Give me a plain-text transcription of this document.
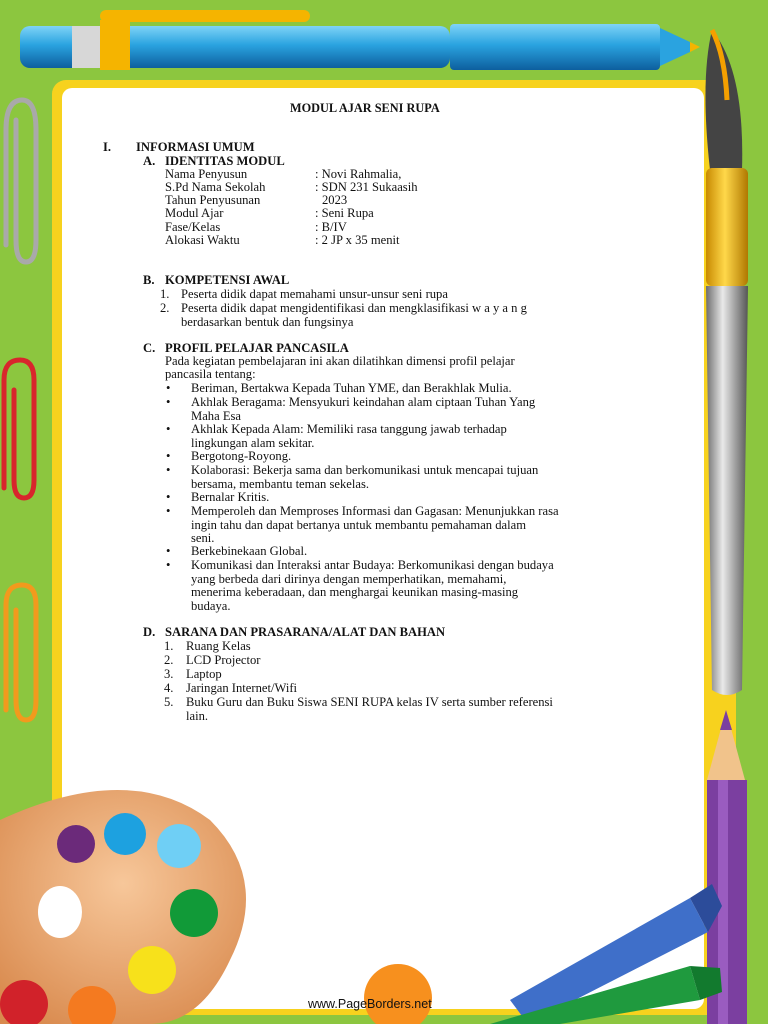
MODUL AJAR SENI RUPA
I. INFORMASI UMUM
A. IDENTITAS MODUL
Nama Penyusun	: Novi Rahmalia,
S.Pd Nama Sekolah	: SDN 231 Sukaasih
Tahun Penyusunan	2023
Modul Ajar	: Seni Rupa
Fase/Kelas	: B/IV
Alokasi Waktu	: 2 JP x 35 menit
B. KOMPETENSI AWAL
1. Peserta didik dapat memahami unsur-unsur seni rupa
2. Peserta didik dapat mengidentifikasi dan mengklasifikasi w a y a n g
berdasarkan bentuk dan fungsinya
C. PROFIL PELAJAR PANCASILA
Pada kegiatan pembelajaran ini akan dilatihkan dimensi profil pelajar
pancasila tentang:
• Beriman, Bertakwa Kepada Tuhan YME, dan Berakhlak Mulia.
• Akhlak Beragama: Mensyukuri keindahan alam ciptaan Tuhan Yang
Maha Esa
• Akhlak Kepada Alam: Memiliki rasa tanggung jawab terhadap
lingkungan alam sekitar.
• Bergotong-Royong.
• Kolaborasi: Bekerja sama dan berkomunikasi untuk mencapai tujuan
bersama, membantu teman sekelas.
• Bernalar Kritis.
• Memperoleh dan Memproses Informasi dan Gagasan: Menunjukkan rasa
ingin tahu dan dapat bertanya untuk membantu pemahaman dalam
seni.
• Berkebinekaan Global.
• Komunikasi dan Interaksi antar Budaya: Berkomunikasi dengan budaya
yang berbeda dari dirinya dengan memperhatikan, memahami,
menerima keberadaan, dan menghargai keunikan masing-masing
budaya.
D. SARANA DAN PRASARANA/ALAT DAN BAHAN
1. Ruang Kelas
2. LCD Projector
3. Laptop
4. Jaringan Internet/Wifi
5. Buku Guru dan Buku Siswa SENI RUPA kelas IV serta sumber referensi
lain.
www.PageBorders.net
